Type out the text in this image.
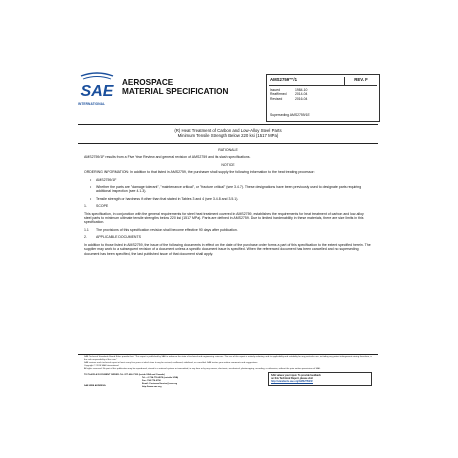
SAE
INTERNATIONAL
AEROSPACE
MATERIAL SPECIFICATION
AMS2759™/1	REV. F
Issued	1984-10
Reaffirmed	2014-04
Revised	2016-04
Superseding AMS2759/1E
(R) Heat Treatment of Carbon and Low-Alloy Steel Parts
Minimum Tensile Strength Below 220 ksi (1517 MPa)
RATIONALE
AMS2759/1F results from a Five Year Review and general revision of AMS2759 and its slash specifications.
NOTICE
ORDERING INFORMATION: In addition to that listed in AMS2759, the purchaser shall supply the following information to the heat treating processor:
•	AMS2759/1F
•	Whether the parts are "damage tolerant", "maintenance critical", or "fracture critical" (see 3.4.7). These designations have been previously used to designate parts requiring additional inspection (see 4.1.3).
•	Tensile strength or hardness if other than that stated in Tables 3 and 4 (see 3.4.8 and 3.5.1).
1.	SCOPE
This specification, in conjunction with the general requirements for steel heat treatment covered in AMS2759, establishes the requirements for heat treatment of carbon and low-alloy steel parts to minimum ultimate tensile strengths below 220 ksi (1517 MPa). Parts are defined in AMS2759. Due to limited hardenability in these materials, there are size limits in this specification.
1.1	The provisions of this specification revision shall become effective 90 days after publication.
2.	APPLICABLE DOCUMENTS
In addition to those listed in AMS2759, the issue of the following documents in effect on the date of the purchase order forms a part of this specification to the extent specified herein. The supplier may work to a subsequent revision of a document unless a specific document issue is specified. When the referenced document has been cancelled and no superseding document has been specified, the last published issue of that document shall apply.
SAE Technical Standards Board Rules provide that: "This report is published by SAE to advance the state of technical and engineering sciences. The use of this report is entirely voluntary, and its applicability and suitability for any particular use, including any patent infringement arising therefrom, is the sole responsibility of the user."
SAE reviews each technical report at least every five years at which time it may be revised, reaffirmed, stabilized, or cancelled. SAE invites your written comments and suggestions.
Copyright © 2016 SAE International
All rights reserved. No part of this publication may be reproduced, stored in a retrieval system or transmitted, in any form or by any means, electronic, mechanical, photocopying, recording, or otherwise, without the prior written permission of SAE.
TO PLACE A DOCUMENT ORDER: Tel: 877-606-7323 (inside USA and Canada)
Tel: +1 724-776-4970 (outside USA)
Fax: 724-776-0790
Email: CustomerService@sae.org
http://www.sae.org
SAE values your input. To provide feedback
on this Technical Report, please visit
http://standards.sae.org/AMS2759/1F
SAE WEB ADDRESS:
